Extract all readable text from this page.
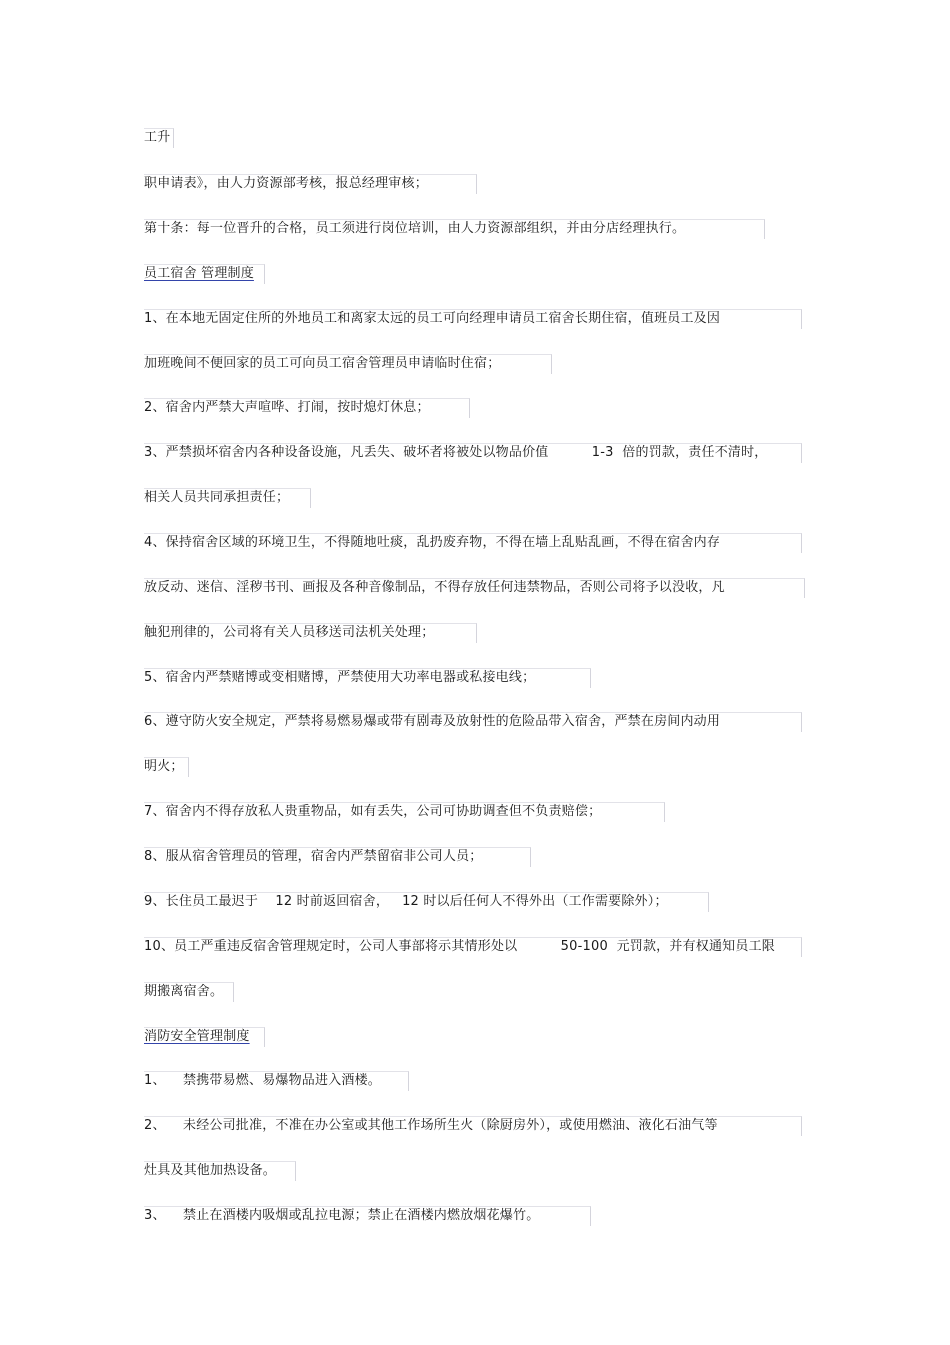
工升
职申请表》，由人力资源部考核，报总经理审核；
第十条：每一位晋升的合格，员工须进行岗位培训，由人力资源部组织，并由分店经理执行。
员工宿舍 管理制度
1、在本地无固定住所的外地员工和离家太远的员工可向经理申请员工宿舍长期住宿，值班员工及因
加班晚间不便回家的员工可向员工宿舍管理员申请临时住宿；
2、宿舍内严禁大声喧哗、打闹，按时熄灯休息；
3、严禁损坏宿舍内各种设备设施，凡丢失、破坏者将被处以物品价值          1-3  倍的罚款，责任不清时，
相关人员共同承担责任；
4、保持宿舍区域的环境卫生，不得随地吐痰，乱扔废弃物，不得在墙上乱贴乱画，不得在宿舍内存
放反动、迷信、淫秽书刊、画报及各种音像制品，不得存放任何违禁物品，否则公司将予以没收，凡
触犯刑律的，公司将有关人员移送司法机关处理；
5、宿舍内严禁赌博或变相赌博，严禁使用大功率电器或私接电线；
6、遵守防火安全规定，严禁将易燃易爆或带有剧毒及放射性的危险品带入宿舍，严禁在房间内动用
明火；
7、宿舍内不得存放私人贵重物品，如有丢失，公司可协助调查但不负责赔偿；
8、服从宿舍管理员的管理，宿舍内严禁留宿非公司人员；
9、长住员工最迟于    12 时前返回宿舍，   12 时以后任何人不得外出（工作需要除外）；
10、员工严重违反宿舍管理规定时，公司人事部将示其情形处以          50-100  元罚款，并有权通知员工限
期搬离宿舍。
消防安全管理制度
1、    禁携带易燃、易爆物品进入酒楼。
2、    未经公司批准，不准在办公室或其他工作场所生火（除厨房外），或使用燃油、液化石油气等
灶具及其他加热设备。
3、    禁止在酒楼内吸烟或乱拉电源；禁止在酒楼内燃放烟花爆竹。
